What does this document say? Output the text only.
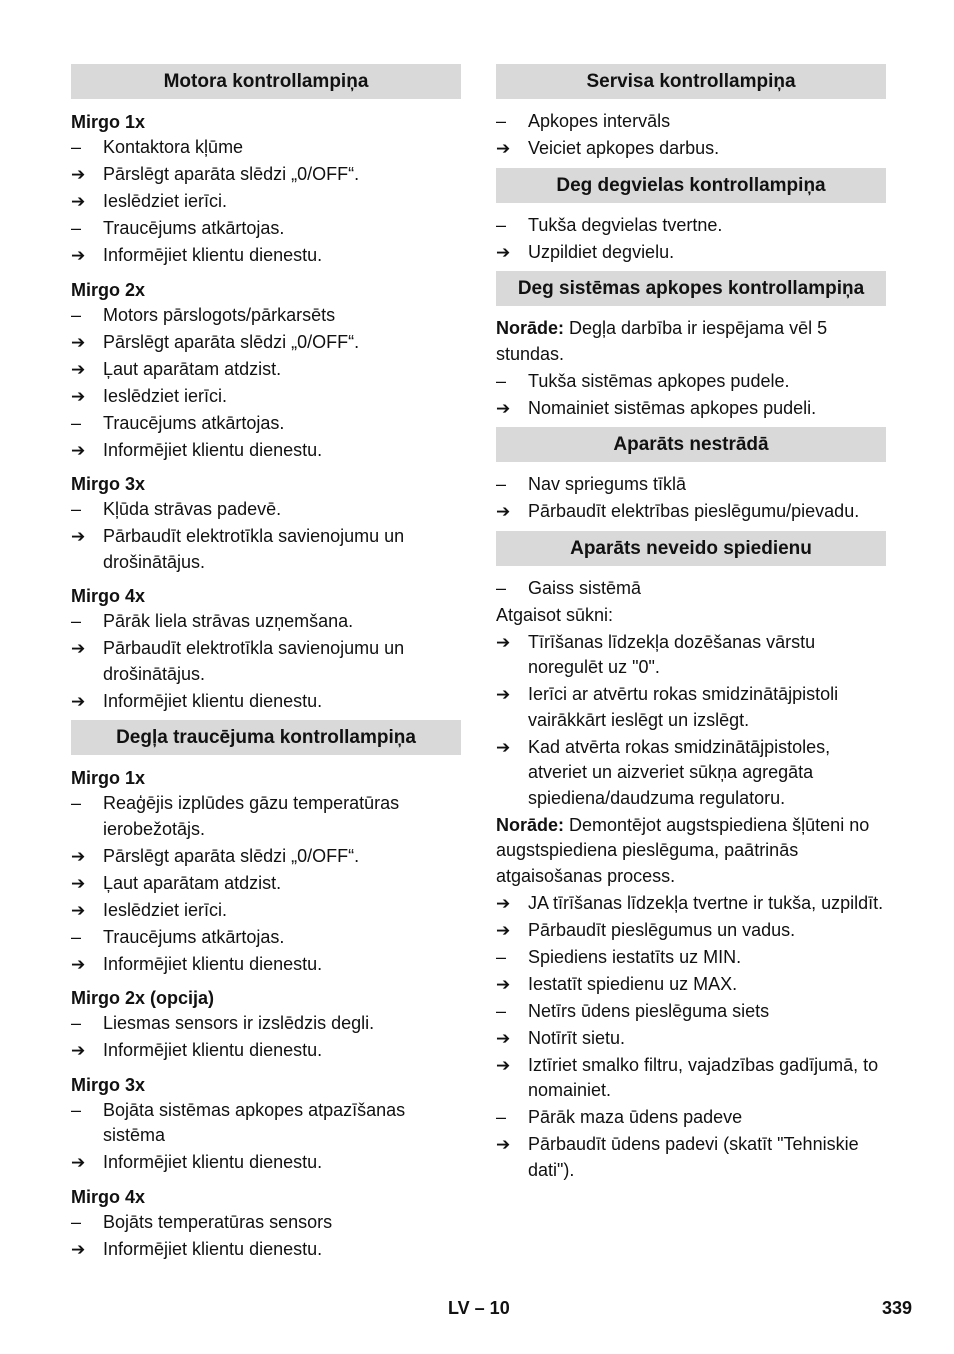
Motora kontrollampiņa
Mirgo 1x
–	Kontaktora kļūme
➔ Pārslēgt aparāta slēdzi „0/OFF“.
➔ Ieslēdziet ierīci.
–	Traucējums atkārtojas.
➔ Informējiet klientu dienestu.
Mirgo 2x
–	Motors pārslogots/pārkarsēts
➔ Pārslēgt aparāta slēdzi „0/OFF“.
➔ Ļaut aparātam atdzist.
➔ Ieslēdziet ierīci.
–	Traucējums atkārtojas.
➔ Informējiet klientu dienestu.
Mirgo 3x
–	Kļūda strāvas padevē.
➔ Pārbaudīt elektrotīkla savienojumu un drošinātājus.
Mirgo 4x
–	Pārāk liela strāvas uzņemšana.
➔ Pārbaudīt elektrotīkla savienojumu un drošinātājus.
➔ Informējiet klientu dienestu.
Degļa traucējuma kontrollampiņa
Mirgo 1x
–	Reaģējis izplūdes gāzu temperatūras ierobežotājs.
➔ Pārslēgt aparāta slēdzi „0/OFF“.
➔ Ļaut aparātam atdzist.
➔ Ieslēdziet ierīci.
–	Traucējums atkārtojas.
➔ Informējiet klientu dienestu.
Mirgo 2x (opcija)
–	Liesmas sensors ir izslēdzis degli.
➔ Informējiet klientu dienestu.
Mirgo 3x
–	Bojāta sistēmas apkopes atpazīšanas sistēma
➔ Informējiet klientu dienestu.
Mirgo 4x
–	Bojāts temperatūras sensors
➔ Informējiet klientu dienestu.
Servisa kontrollampiņa
–	Apkopes intervāls
➔ Veiciet apkopes darbus.
Deg degvielas kontrollampiņa
–	Tukša degvielas tvertne.
➔ Uzpildiet degvielu.
Deg sistēmas apkopes kontrollampiņa
Norāde: Degļa darbība ir iespējama vēl 5 stundas.
–	Tukša sistēmas apkopes pudele.
➔ Nomainiet sistēmas apkopes pudeli.
Aparāts nestrādā
–	Nav spriegums tīklā
➔ Pārbaudīt elektrības pieslēgumu/pievadu.
Aparāts neveido spiedienu
–	Gaiss sistēmā
Atgaisot sūkni:
➔ Tīrīšanas līdzekļa dozēšanas vārstu noregulēt uz "0".
➔ Ierīci ar atvērtu rokas smidzinātājpistoli vairākkārt ieslēgt un izslēgt.
➔ Kad atvērta rokas smidzinātājpistoles, atveriet un aizveriet sūkņa agregāta spiediena/daudzuma regulatoru.
Norāde: Demontējot augstspiediena šļūteni no augstspiediena pieslēguma, paātrinās atgaisošanas process.
➔ JA tīrīšanas līdzekļa tvertne ir tukša, uzpildīt.
➔ Pārbaudīt pieslēgumus un vadus.
–	Spiediens iestatīts uz MIN.
➔ Iestatīt spiedienu uz MAX.
–	Netīrs ūdens pieslēguma siets
➔ Notīrīt sietu.
➔ Iztīriet smalko filtru, vajadzības gadījumā, to nomainiet.
–	Pārāk maza ūdens padeve
➔ Pārbaudīt ūdens padevi (skatīt "Tehniskie dati").
LV – 10	339
